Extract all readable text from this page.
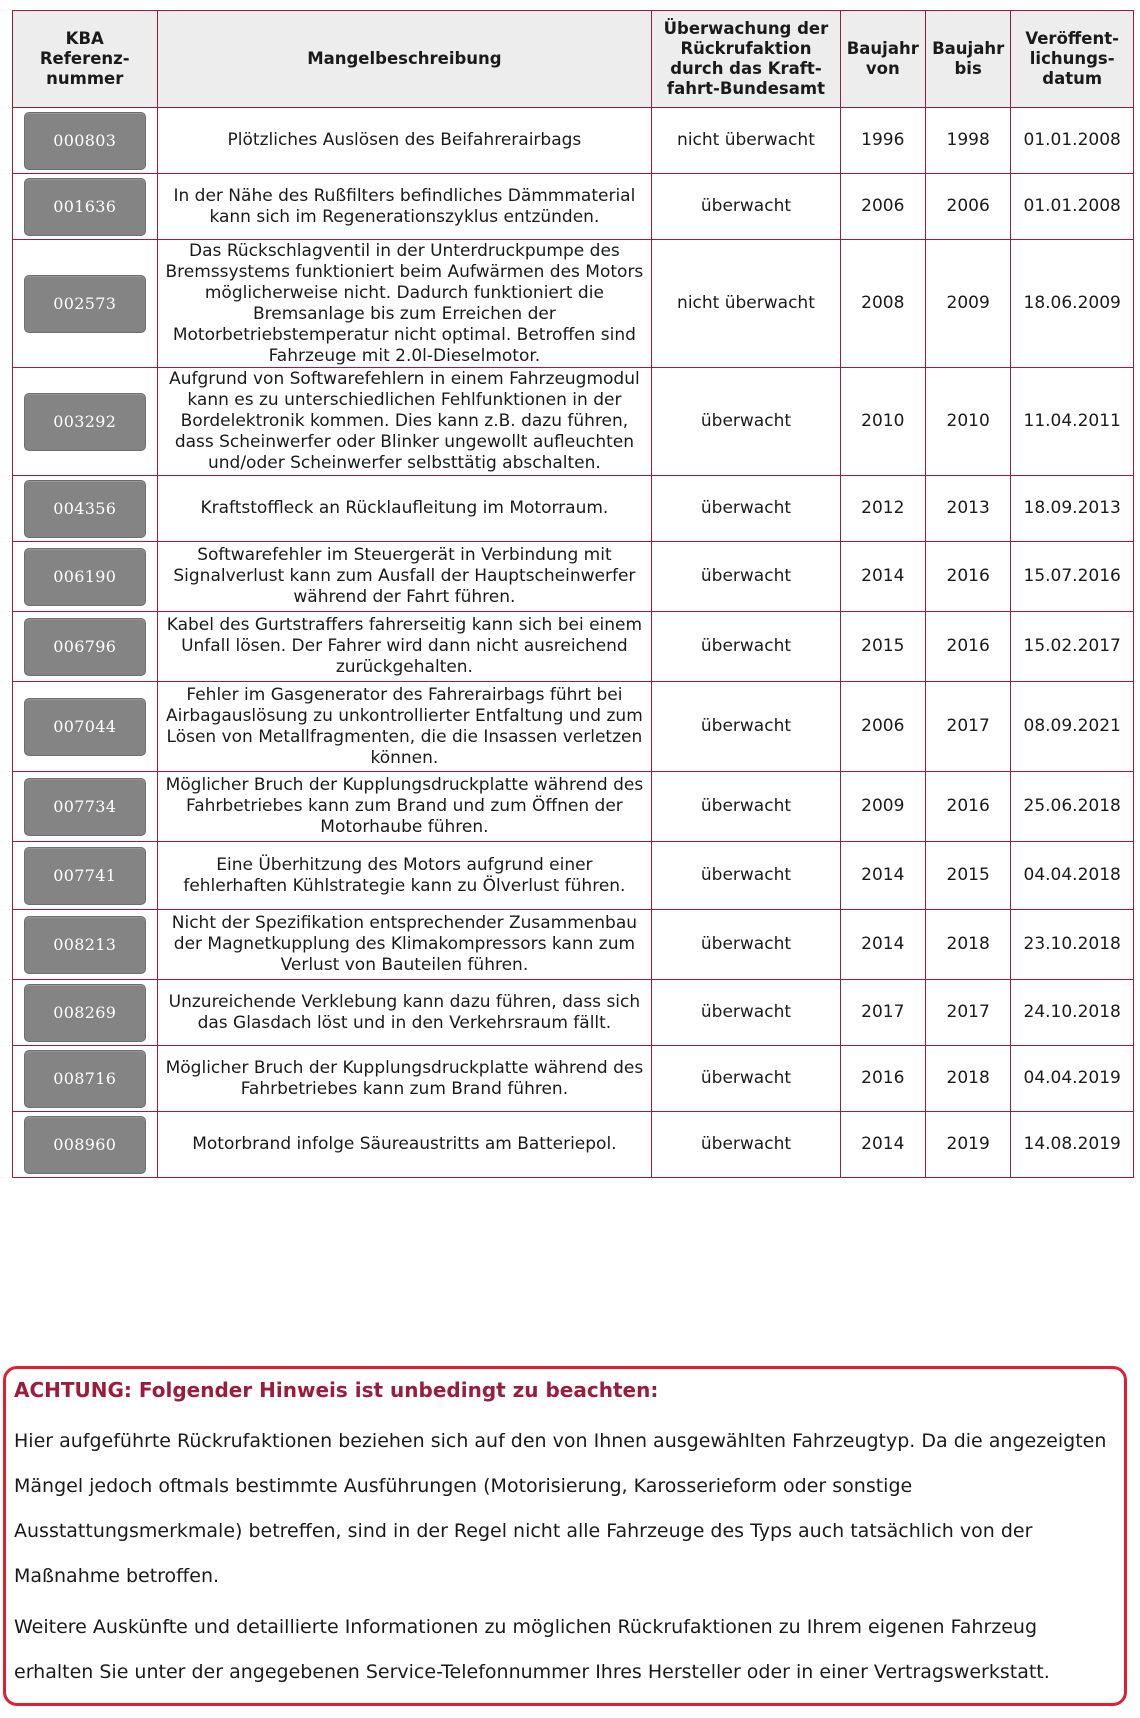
KBA Referenz-nummer	Mangelbeschreibung	Überwachung der Rückrufaktion durch das Kraft-fahrt-Bundesamt	Baujahr von	Baujahr bis	Veröffent-lichungs-datum

000803	Plötzliches Auslösen des Beifahrerairbags	nicht überwacht	1996	1998	01.01.2008

001636	In der Nähe des Rußfilters befindliches Dämmmaterial kann sich im Regenerationszyklus entzünden.	überwacht	2006	2006	01.01.2008

002573	Das Rückschlagventil in der Unterdruckpumpe des Bremssystems funktioniert beim Aufwärmen des Motors möglicherweise nicht. Dadurch funktioniert die Bremsanlage bis zum Erreichen der Motorbetriebstemperatur nicht optimal. Betroffen sind Fahrzeuge mit 2.0l-Dieselmotor.	nicht überwacht	2008	2009	18.06.2009

003292	Aufgrund von Softwarefehlern in einem Fahrzeugmodul kann es zu unterschiedlichen Fehlfunktionen in der Bordelektronik kommen. Dies kann z.B. dazu führen, dass Scheinwerfer oder Blinker ungewollt aufleuchten und/oder Scheinwerfer selbsttätig abschalten.	überwacht	2010	2010	11.04.2011

004356	Kraftstoffleck an Rücklaufleitung im Motorraum.	überwacht	2012	2013	18.09.2013

006190	Softwarefehler im Steuergerät in Verbindung mit Signalverlust kann zum Ausfall der Hauptscheinwerfer während der Fahrt führen.	überwacht	2014	2016	15.07.2016

006796	Kabel des Gurtstraffers fahrerseitig kann sich bei einem Unfall lösen. Der Fahrer wird dann nicht ausreichend zurückgehalten.	überwacht	2015	2016	15.02.2017

007044	Fehler im Gasgenerator des Fahrerairbags führt bei Airbagauslösung zu unkontrollierter Entfaltung und zum Lösen von Metallfragmenten, die die Insassen verletzen können.	überwacht	2006	2017	08.09.2021

007734	Möglicher Bruch der Kupplungsdruckplatte während des Fahrbetriebes kann zum Brand und zum Öffnen der Motorhaube führen.	überwacht	2009	2016	25.06.2018

007741	Eine Überhitzung des Motors aufgrund einer fehlerhaften Kühlstrategie kann zu Ölverlust führen.	überwacht	2014	2015	04.04.2018

008213	Nicht der Spezifikation entsprechender Zusammenbau der Magnetkupplung des Klimakompressors kann zum Verlust von Bauteilen führen.	überwacht	2014	2018	23.10.2018

008269	Unzureichende Verklebung kann dazu führen, dass sich das Glasdach löst und in den Verkehrsraum fällt.	überwacht	2017	2017	24.10.2018

008716	Möglicher Bruch der Kupplungsdruckplatte während des Fahrbetriebes kann zum Brand führen.	überwacht	2016	2018	04.04.2019

008960	Motorbrand infolge Säureaustritts am Batteriepol.	überwacht	2014	2019	14.08.2019
ACHTUNG: Folgender Hinweis ist unbedingt zu beachten:

Hier aufgeführte Rückrufaktionen beziehen sich auf den von Ihnen ausgewählten Fahrzeugtyp. Da die angezeigten Mängel jedoch oftmals bestimmte Ausführungen (Motorisierung, Karosserieform oder sonstige Ausstattungsmerkmale) betreffen, sind in der Regel nicht alle Fahrzeuge des Typs auch tatsächlich von der Maßnahme betroffen.

Weitere Auskünfte und detaillierte Informationen zu möglichen Rückrufaktionen zu Ihrem eigenen Fahrzeug erhalten Sie unter der angegebenen Service-Telefonnummer Ihres Hersteller oder in einer Vertragswerkstatt.
